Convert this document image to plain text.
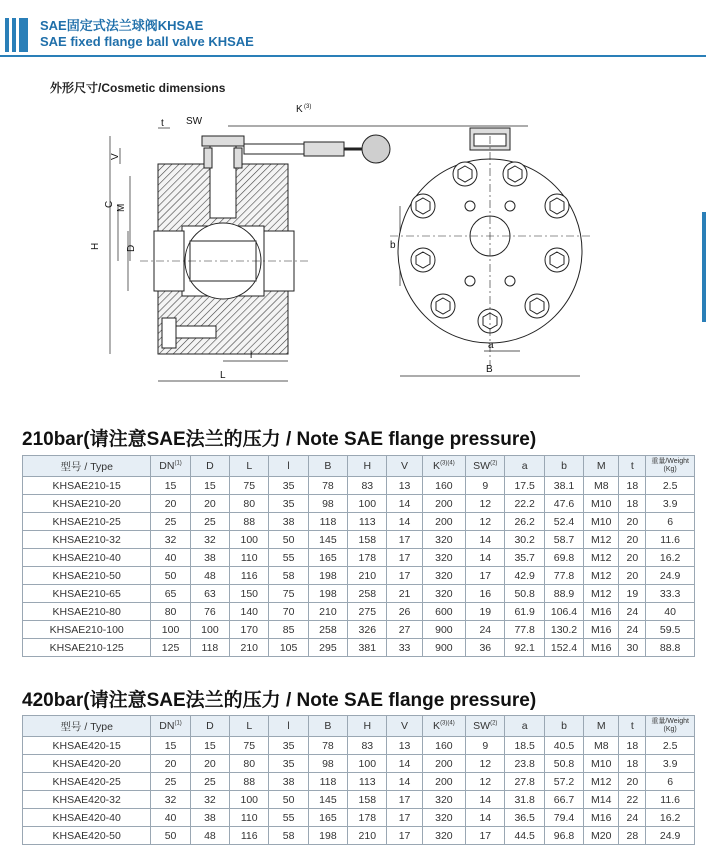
SAE固定式法兰球阀KHSAE
SAE fixed flange ball valve KHSAE
外形尺寸/Cosmetic dimensions
t SW
K (3)
V
M
C
H	D
l
L
b
a
B
210bar(请注意SAE法兰的压力 / Note SAE flange pressure)
型号 / Type	DN$^{(1)}$	D	L	l	B	H	V	$K^{(3)(4)}$	SW$^{(2)}$	a	b	M	t	重量/Weight
(Kg)

KHSAE210-15	15	15	75	35	78	83	13	160	9	17.5	38.1	M8	18	2.5
KHSAE210-20	20	20	80	35	98	100	14	200	12	22.2	47.6	M10	18	3.9
KHSAE210-25	25	25	88	38	118	113	14	200	12	26.2	52.4	M10	20	6
KHSAE210-32	32	32	100	50	145	158	17	320	14	30.2	58.7	M12	20	11.6
KHSAE210-40	40	38	110	55	165	178	17	320	14	35.7	69.8	M12	20	16.2
KHSAE210-50	50	48	116	58	198	210	17	320	17	42.9	77.8	M12	20	24.9
KHSAE210-65	65	63	150	75	198	258	21	320	16	50.8	88.9	M12	19	33.3
KHSAE210-80	80	76	140	70	210	275	26	600	19	61.9	106.4	M16	24	40
KHSAE210-100	100	100	170	85	258	326	27	900	24	77.8	130.2	M16	24	59.5
KHSAE210-125	125	118	210	105	295	381	33	900	36	92.1	152.4	M16	30	88.8
420bar(请注意SAE法兰的压力 / Note SAE flange pressure)
型号 / Type	DN$^{(1)}$	D	L	l	B	H	V	$K^{(3)(4)}$	SW$^{(2)}$	a	b	M	t	重量/Weight
(Kg)

KHSAE420-15	15	15	75	35	78	83	13	160	9	18.5	40.5	M8	18	2.5
KHSAE420-20	20	20	80	35	98	100	14	200	12	23.8	50.8	M10	18	3.9
KHSAE420-25	25	25	88	38	118	113	14	200	12	27.8	57.2	M12	20	6
KHSAE420-32	32	32	100	50	145	158	17	320	14	31.8	66.7	M14	22	11.6
KHSAE420-40	40	38	110	55	165	178	17	320	14	36.5	79.4	M16	24	16.2
KHSAE420-50	50	48	116	58	198	210	17	320	17	44.5	96.8	M20	28	24.9
